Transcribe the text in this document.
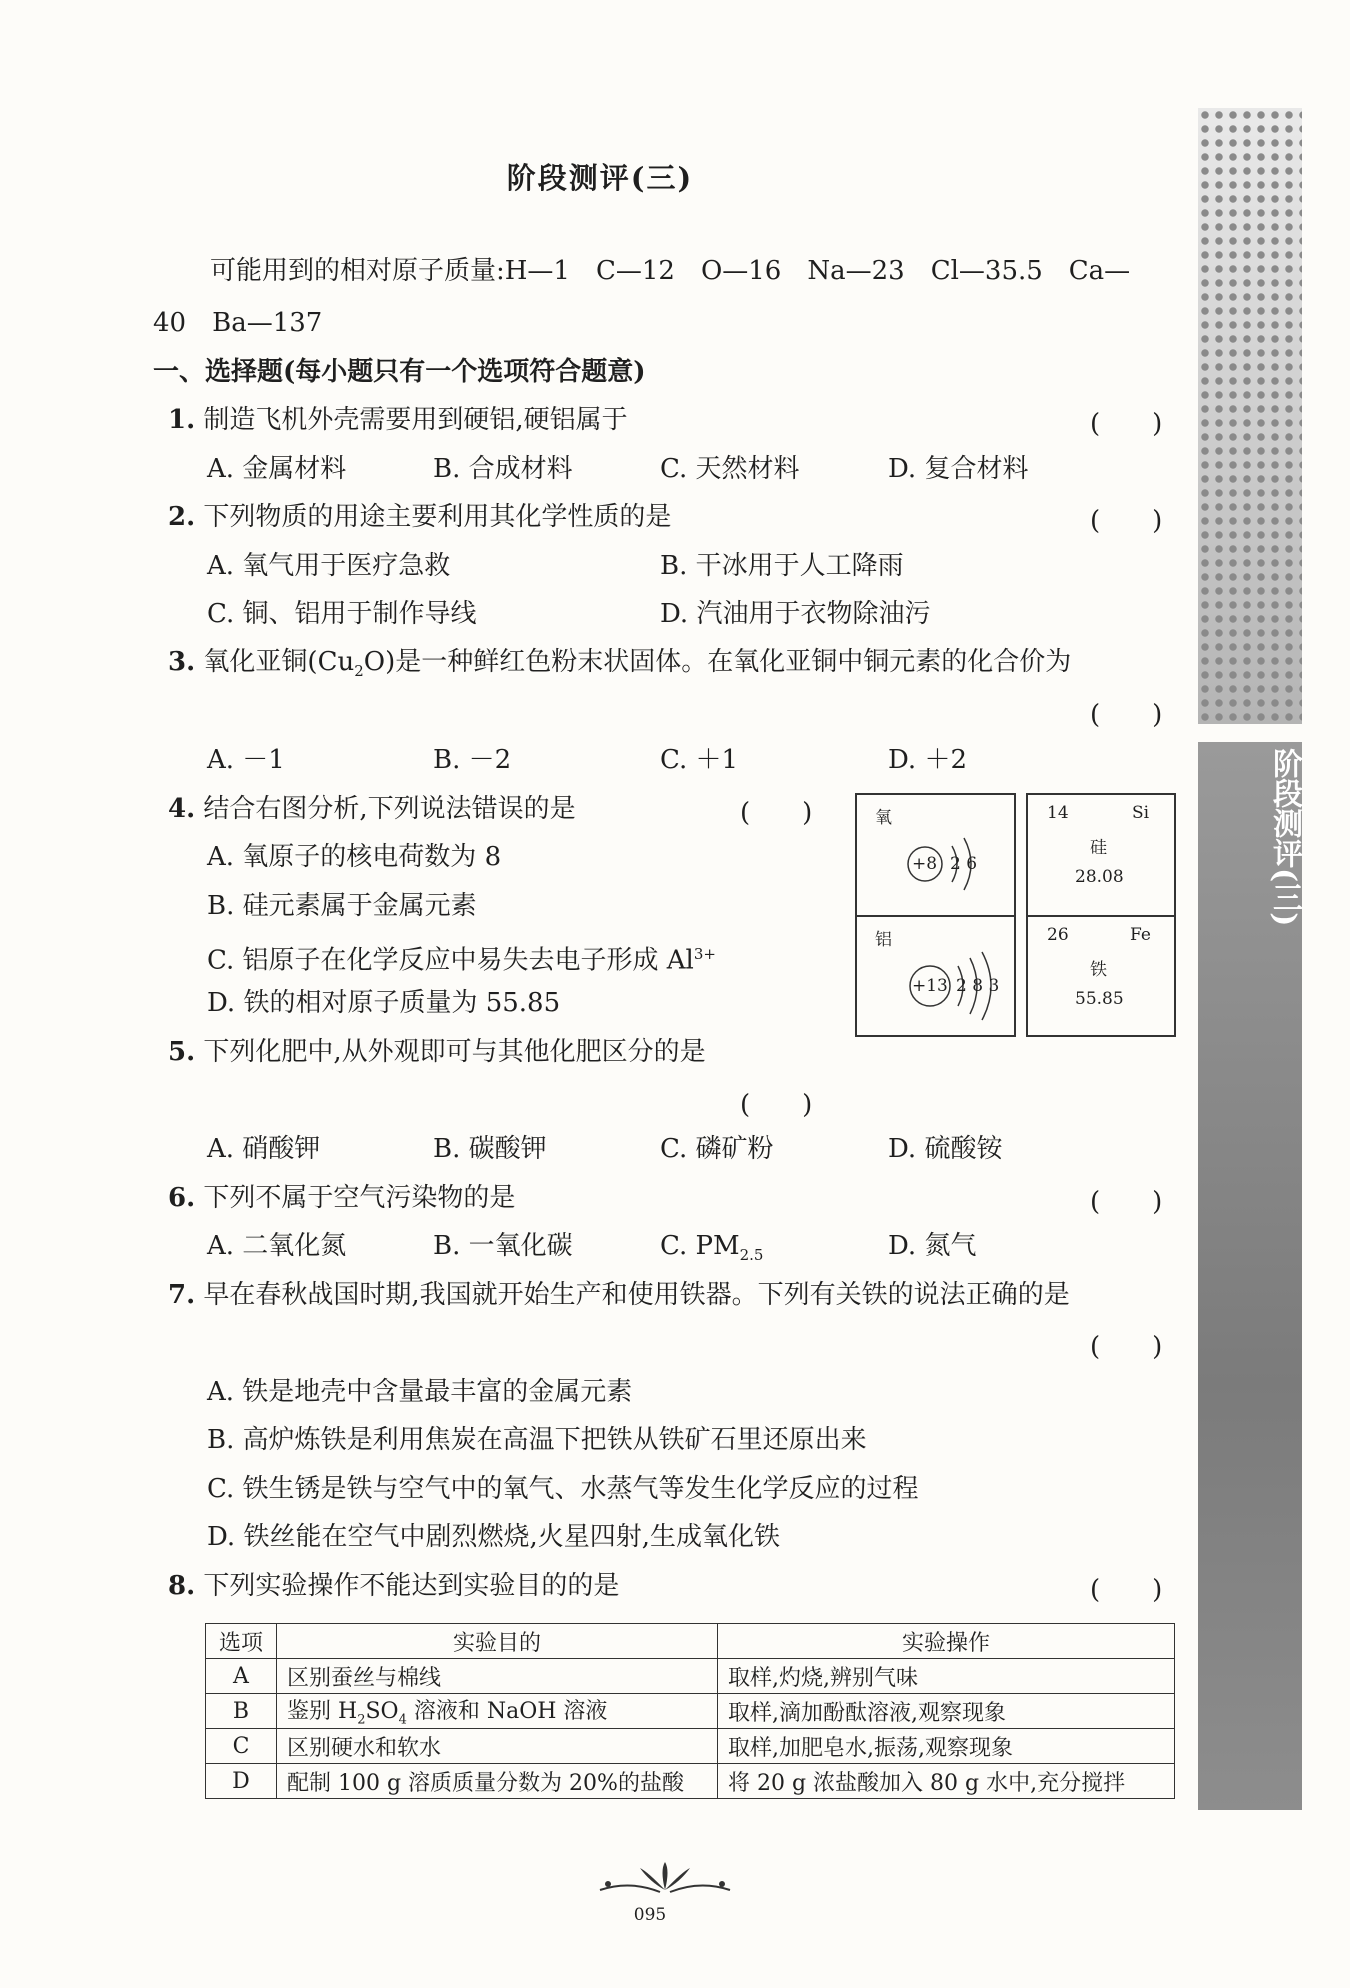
阶段测评(三)
阶段测评(三)
可能用到的相对原子质量:H—1　C—12　O—16　Na—23　Cl—35.5　Ca—
40　Ba—137
一、选择题(每小题只有一个选项符合题意)
1. 制造飞机外壳需要用到硬铝,硬铝属于	(　　)
A. 金属材料	B. 合成材料	C. 天然材料	D. 复合材料
2. 下列物质的用途主要利用其化学性质的是	(　　)
A. 氧气用于医疗急救	B. 干冰用于人工降雨
C. 铜、铝用于制作导线	D. 汽油用于衣物除油污
3. 氧化亚铜$(Cu_2O)$是一种鲜红色粉末状固体。在氧化亚铜中铜元素的化合价为
(　　)
A. －1	B. －2	C. ＋1	D. ＋2
4. 结合右图分析,下列说法错误的是	(　　)
A. 氧原子的核电荷数为 8
B. 硅元素属于金属元素
C. 铝原子在化学反应中易失去电子形成 $Al^{3+}$
D. 铁的相对原子质量为 55.85
氧
铝
+8 2 6
+13 2 8 3
14	Si
硅
28.08
26	Fe
铁
55.85
5. 下列化肥中,从外观即可与其他化肥区分的是
(　　)
A. 硝酸钾	B. 碳酸钾	C. 磷矿粉	D. 硫酸铵
6. 下列不属于空气污染物的是	(　　)
A. 二氧化氮	B. 一氧化碳	C. $PM_{2.5}$	D. 氮气
7. 早在春秋战国时期,我国就开始生产和使用铁器。下列有关铁的说法正确的是
(　　)
A. 铁是地壳中含量最丰富的金属元素
B. 高炉炼铁是利用焦炭在高温下把铁从铁矿石里还原出来
C. 铁生锈是铁与空气中的氧气、水蒸气等发生化学反应的过程
D. 铁丝能在空气中剧烈燃烧,火星四射,生成氧化铁
8. 下列实验操作不能达到实验目的的是	(　　)
选项	实验目的	实验操作
A	区别蚕丝与棉线	取样,灼烧,辨别气味
B	鉴别 $H_2SO_4$ 溶液和 NaOH 溶液	取样,滴加酚酞溶液,观察现象
C	区别硬水和软水	取样,加肥皂水,振荡,观察现象
D	配制 100 g 溶质质量分数为 20%的盐酸	将 20 g 浓盐酸加入 80 g 水中,充分搅拌
095
